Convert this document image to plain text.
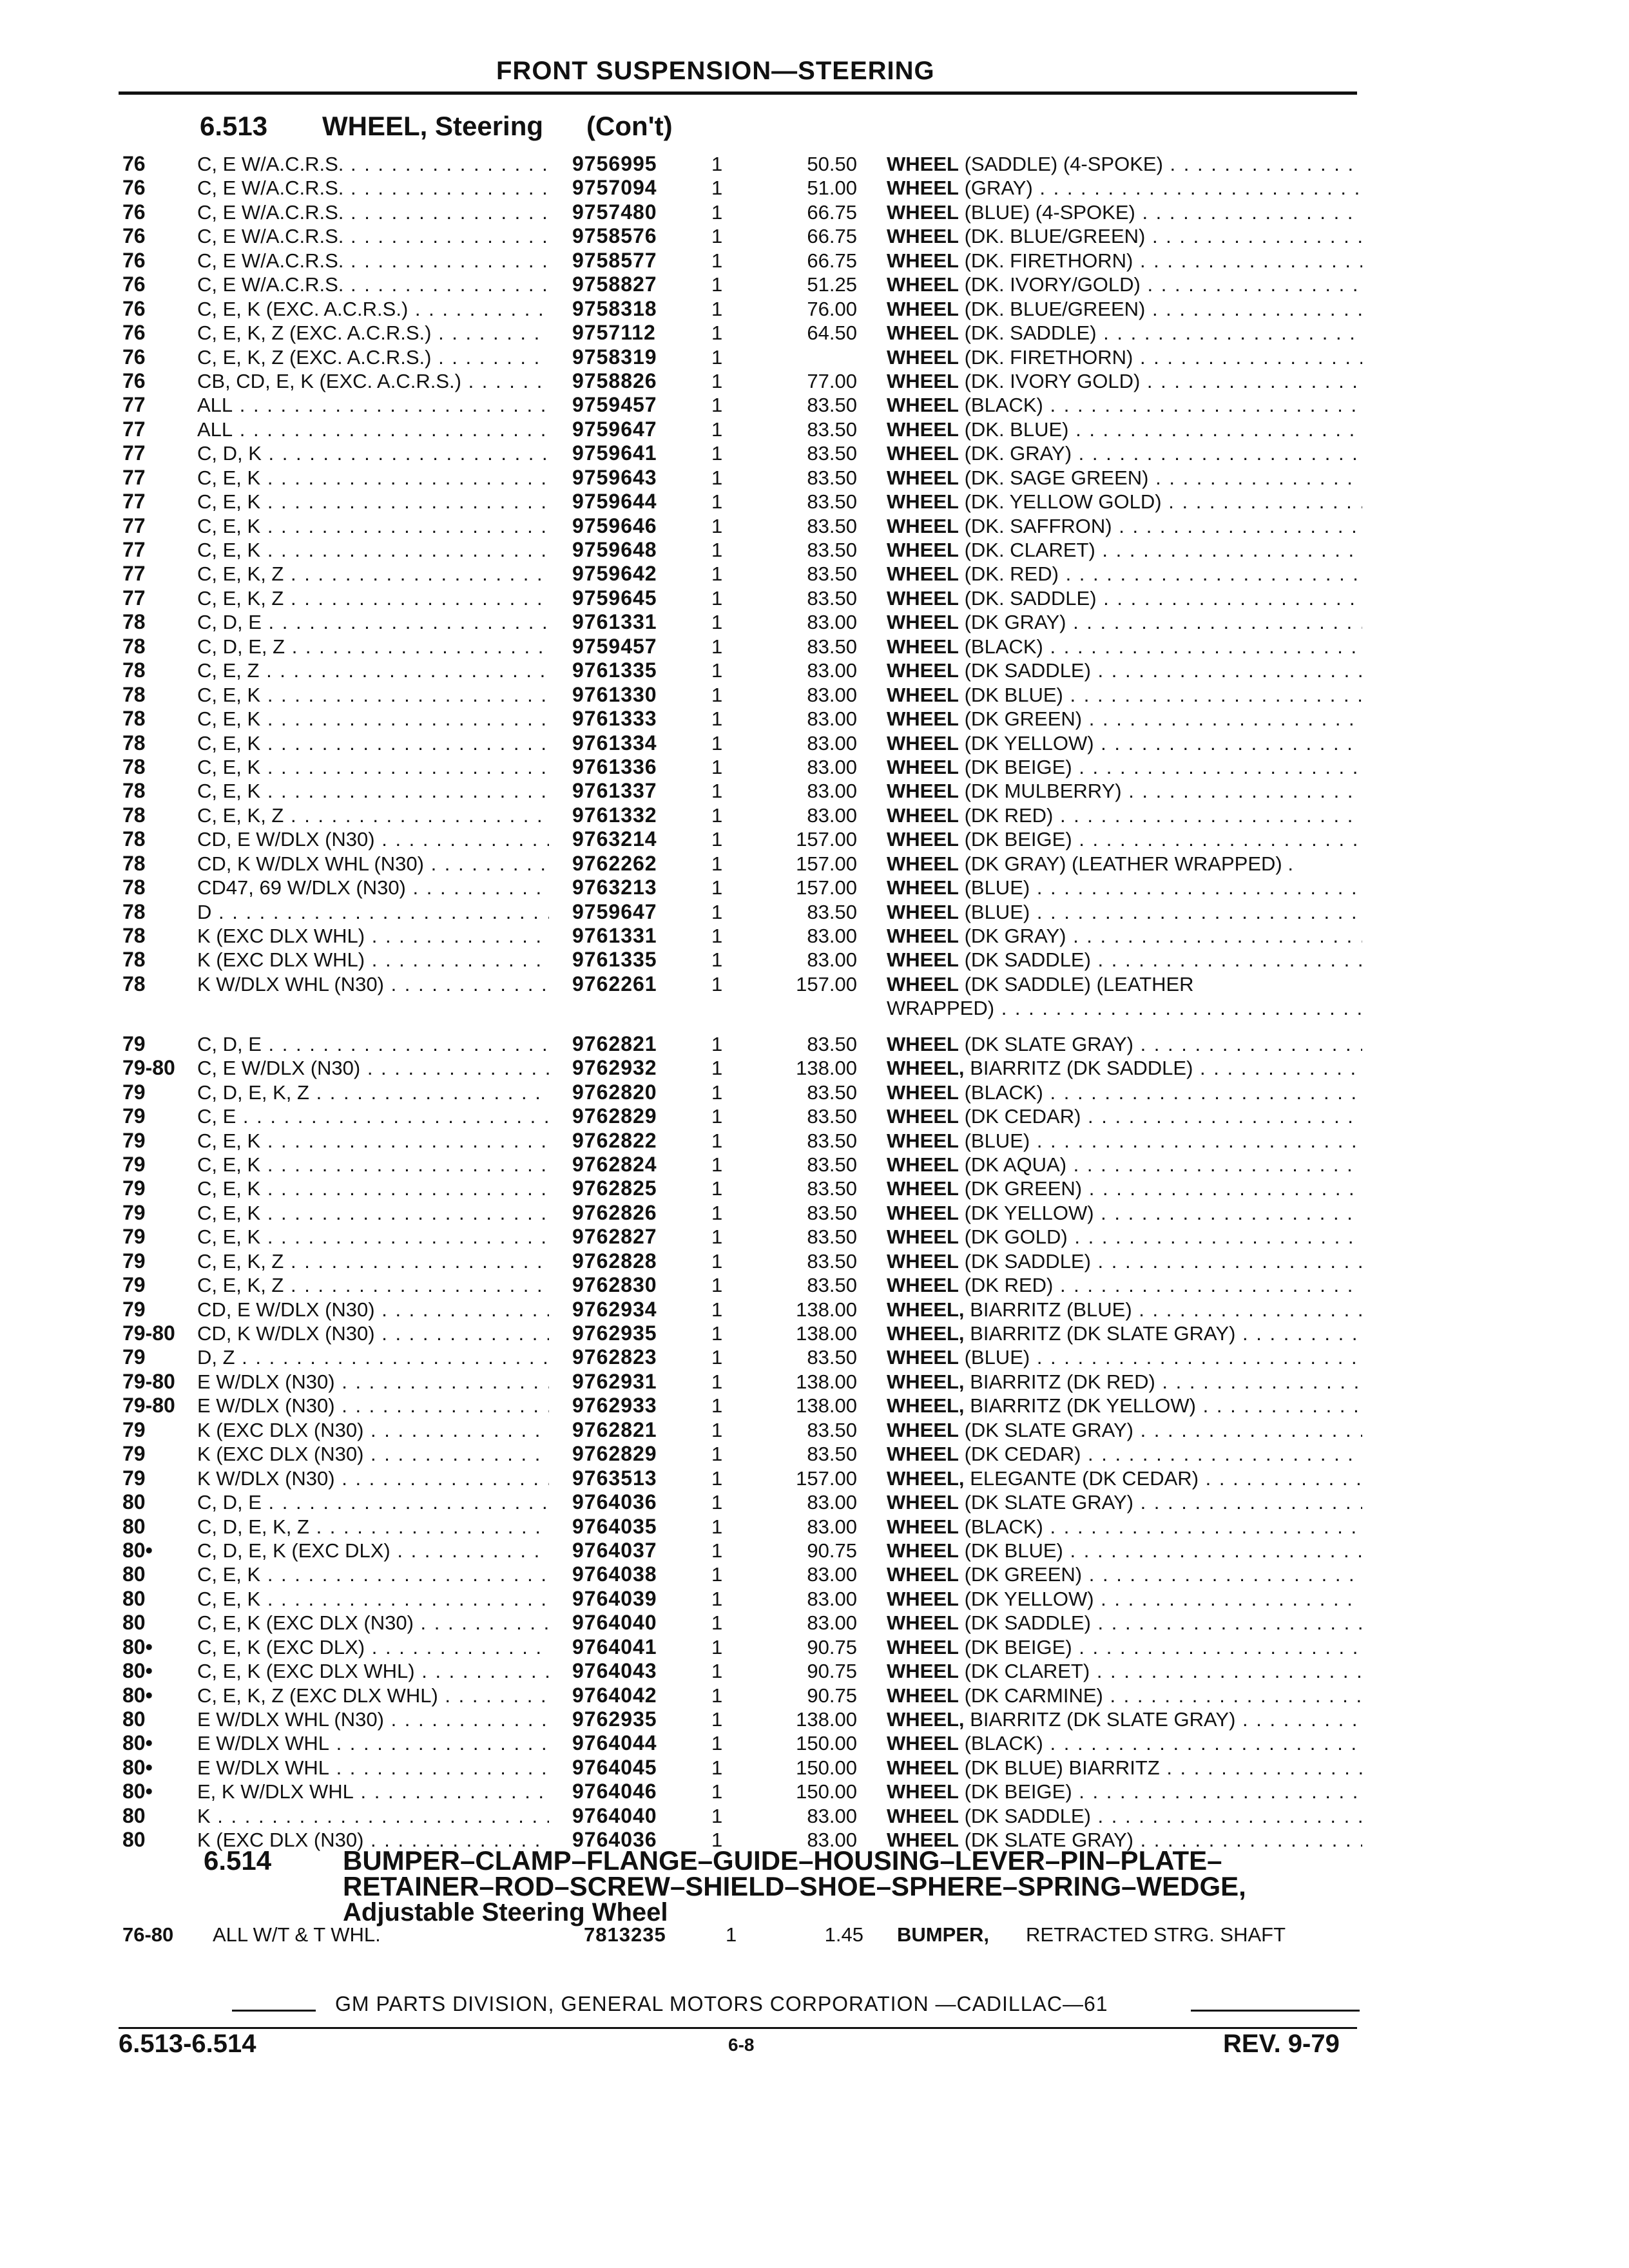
FRONT SUSPENSION—STEERING
6.513 WHEEL, Steering (Con't)
76	C, E W/A.C.R.S. . . .	9756995	1	50.50 WHEEL (SADDLE) (4-SPOKE) . . .
76	C, E W/A.C.R.S. . . .	9757094	1	51.00 WHEEL (GRAY) . . .
76	C, E W/A.C.R.S. . . .	9757480	1	66.75 WHEEL (BLUE) (4-SPOKE) . . .
76	C, E W/A.C.R.S. . . .	9758576	1	66.75 WHEEL (DK. BLUE/GREEN) . . .
76	C, E W/A.C.R.S. . . .	9758577	1	66.75 WHEEL (DK. FIRETHORN) . . .
76	C, E W/A.C.R.S. . . .	9758827	1	51.25 WHEEL (DK. IVORY/GOLD) . . .
76	C, E, K (EXC. A.C.R.S.) . . .	9758318	1	76.00 WHEEL (DK. BLUE/GREEN) . . .
76	C, E, K, Z (EXC. A.C.R.S.) . . .	9757112	1	64.50 WHEEL (DK. SADDLE) . . .
76	C, E, K, Z (EXC. A.C.R.S.) . . .	9758319	1	WHEEL (DK. FIRETHORN) . . .
76	CB, CD, E, K (EXC. A.C.R.S.) . . .	9758826	1	77.00 WHEEL (DK. IVORY GOLD) . . .
77	ALL . . .	9759457	1	83.50 WHEEL (BLACK) . . .
77	ALL . . .	9759647	1	83.50 WHEEL (DK. BLUE) . . .
77	C, D, K . . .	9759641	1	83.50 WHEEL (DK. GRAY) . . .
77	C, E, K . . .	9759643	1	83.50 WHEEL (DK. SAGE GREEN) . . .
77	C, E, K . . .	9759644	1	83.50 WHEEL (DK. YELLOW GOLD) . . .
77	C, E, K . . .	9759646	1	83.50 WHEEL (DK. SAFFRON) . . .
77	C, E, K . . .	9759648	1	83.50 WHEEL (DK. CLARET) . . .
77	C, E, K, Z . . .	9759642	1	83.50 WHEEL (DK. RED) . . .
77	C, E, K, Z . . .	9759645	1	83.50 WHEEL (DK. SADDLE) . . .
78	C, D, E . . .	9761331	1	83.00 WHEEL (DK GRAY) . . .
78	C, D, E, Z . . .	9759457	1	83.50 WHEEL (BLACK) . . .
78	C, E, Z . . .	9761335	1	83.00 WHEEL (DK SADDLE) . . .
78	C, E, K . . .	9761330	1	83.00 WHEEL (DK BLUE) . . .
78	C, E, K . . .	9761333	1	83.00 WHEEL (DK GREEN) . . .
78	C, E, K . . .	9761334	1	83.00 WHEEL (DK YELLOW) . . .
78	C, E, K . . .	9761336	1	83.00 WHEEL (DK BEIGE) . . .
78	C, E, K . . .	9761337	1	83.00 WHEEL (DK MULBERRY) . . .
78	C, E, K, Z . . .	9761332	1	83.00 WHEEL (DK RED) . . .
78	CD, E W/DLX (N30) . . .	9763214	1	157.00 WHEEL (DK BEIGE) . . .
78	CD, K W/DLX WHL (N30) . . .	9762262	1	157.00 WHEEL (DK GRAY) (LEATHER WRAPPED) .
78	CD47, 69 W/DLX (N30) . . .	9763213	1	157.00 WHEEL (BLUE) . . .
78	D . . .	9759647	1	83.50 WHEEL (BLUE) . . .
78	K (EXC DLX WHL) . . .	9761331	1	83.00 WHEEL (DK GRAY) . . .
78	K (EXC DLX WHL) . . .	9761335	1	83.00 WHEEL (DK SADDLE) . . .
78	K W/DLX WHL (N30) . . .	9762261	1	157.00 WHEEL (DK SADDLE) (LEATHER
WRAPPED) . . .
79	C, D, E . . .	9762821	1	83.50 WHEEL (DK SLATE GRAY) . . .
79-80 C, E W/DLX (N30) . . .	9762932	1	138.00 WHEEL, BIARRITZ (DK SADDLE) . . .
79	C, D, E, K, Z . . .	9762820	1	83.50 WHEEL (BLACK) . . .
79	C, E . . .	9762829	1	83.50 WHEEL (DK CEDAR) . . .
79	C, E, K . . .	9762822	1	83.50 WHEEL (BLUE) . . .
79	C, E, K . . .	9762824	1	83.50 WHEEL (DK AQUA) . . .
79	C, E, K . . .	9762825	1	83.50 WHEEL (DK GREEN) . . .
79	C, E, K . . .	9762826	1	83.50 WHEEL (DK YELLOW) . . .
79	C, E, K . . .	9762827	1	83.50 WHEEL (DK GOLD) . . .
79	C, E, K, Z . . .	9762828	1	83.50 WHEEL (DK SADDLE) . . .
79	C, E, K, Z . . .	9762830	1	83.50 WHEEL (DK RED) . . .
79	CD, E W/DLX (N30) . . .	9762934	1	138.00 WHEEL, BIARRITZ (BLUE) . . .
79-80 CD, K W/DLX (N30) . . .	9762935	1	138.00 WHEEL, BIARRITZ (DK SLATE GRAY) . . .
79	D, Z . . .	9762823	1	83.50 WHEEL (BLUE) . . .
79-80 E W/DLX (N30) . . .	9762931	1	138.00 WHEEL, BIARRITZ (DK RED) . . .
79-80 E W/DLX (N30) . . .	9762933	1	138.00 WHEEL, BIARRITZ (DK YELLOW) . . .
79	K (EXC DLX (N30) . . .	9762821	1	83.50 WHEEL (DK SLATE GRAY) . . .
79	K (EXC DLX (N30) . . .	9762829	1	83.50 WHEEL (DK CEDAR) . . .
79	K W/DLX (N30) . . .	9763513	1	157.00 WHEEL, ELEGANTE (DK CEDAR) . . .
80	C, D, E . . .	9764036	1	83.00 WHEEL (DK SLATE GRAY) . . .
80	C, D, E, K, Z . . .	9764035	1	83.00 WHEEL (BLACK) . . .
80• C, D, E, K (EXC DLX) . . .	9764037	1	90.75 WHEEL (DK BLUE) . . .
80	C, E, K . . .	9764038	1	83.00 WHEEL (DK GREEN) . . .
80	C, E, K . . .	9764039	1	83.00 WHEEL (DK YELLOW) . . .
80	C, E, K (EXC DLX (N30) . . .	9764040	1	83.00 WHEEL (DK SADDLE) . . .
80• C, E, K (EXC DLX) . . .	9764041	1	90.75 WHEEL (DK BEIGE) . . .
80• C, E, K (EXC DLX WHL) . . .	9764043	1	90.75 WHEEL (DK CLARET) . . .
80• C, E, K, Z (EXC DLX WHL) . . .	9764042	1	90.75 WHEEL (DK CARMINE) . . .
80	E W/DLX WHL (N30) . . .	9762935	1	138.00 WHEEL, BIARRITZ (DK SLATE GRAY) . . .
80• E W/DLX WHL . . .	9764044	1	150.00 WHEEL (BLACK) . . .
80• E W/DLX WHL . . .	9764045	1	150.00 WHEEL (DK BLUE) BIARRITZ . . .
80• E, K W/DLX WHL . . .	9764046	1	150.00 WHEEL (DK BEIGE) . . .
80	K . . .	9764040	1	83.00 WHEEL (DK SADDLE) . . .
80	K (EXC DLX (N30) . . .	9764036	1	83.00 WHEEL (DK SLATE GRAY) . . .
6.514	BUMPER–CLAMP–FLANGE–GUIDE–HOUSING–LEVER–PIN–PLATE–
RETAINER–ROD–SCREW–SHIELD–SHOE–SPHERE–SPRING–WEDGE,
Adjustable Steering Wheel
76-80 ALL W/T & T WHL.	7813235	1	1.45 BUMPER, RETRACTED STRG. SHAFT
GM PARTS DIVISION, GENERAL MOTORS CORPORATION —CADILLAC—61
6.513-6.514	6-8	REV. 9-79
